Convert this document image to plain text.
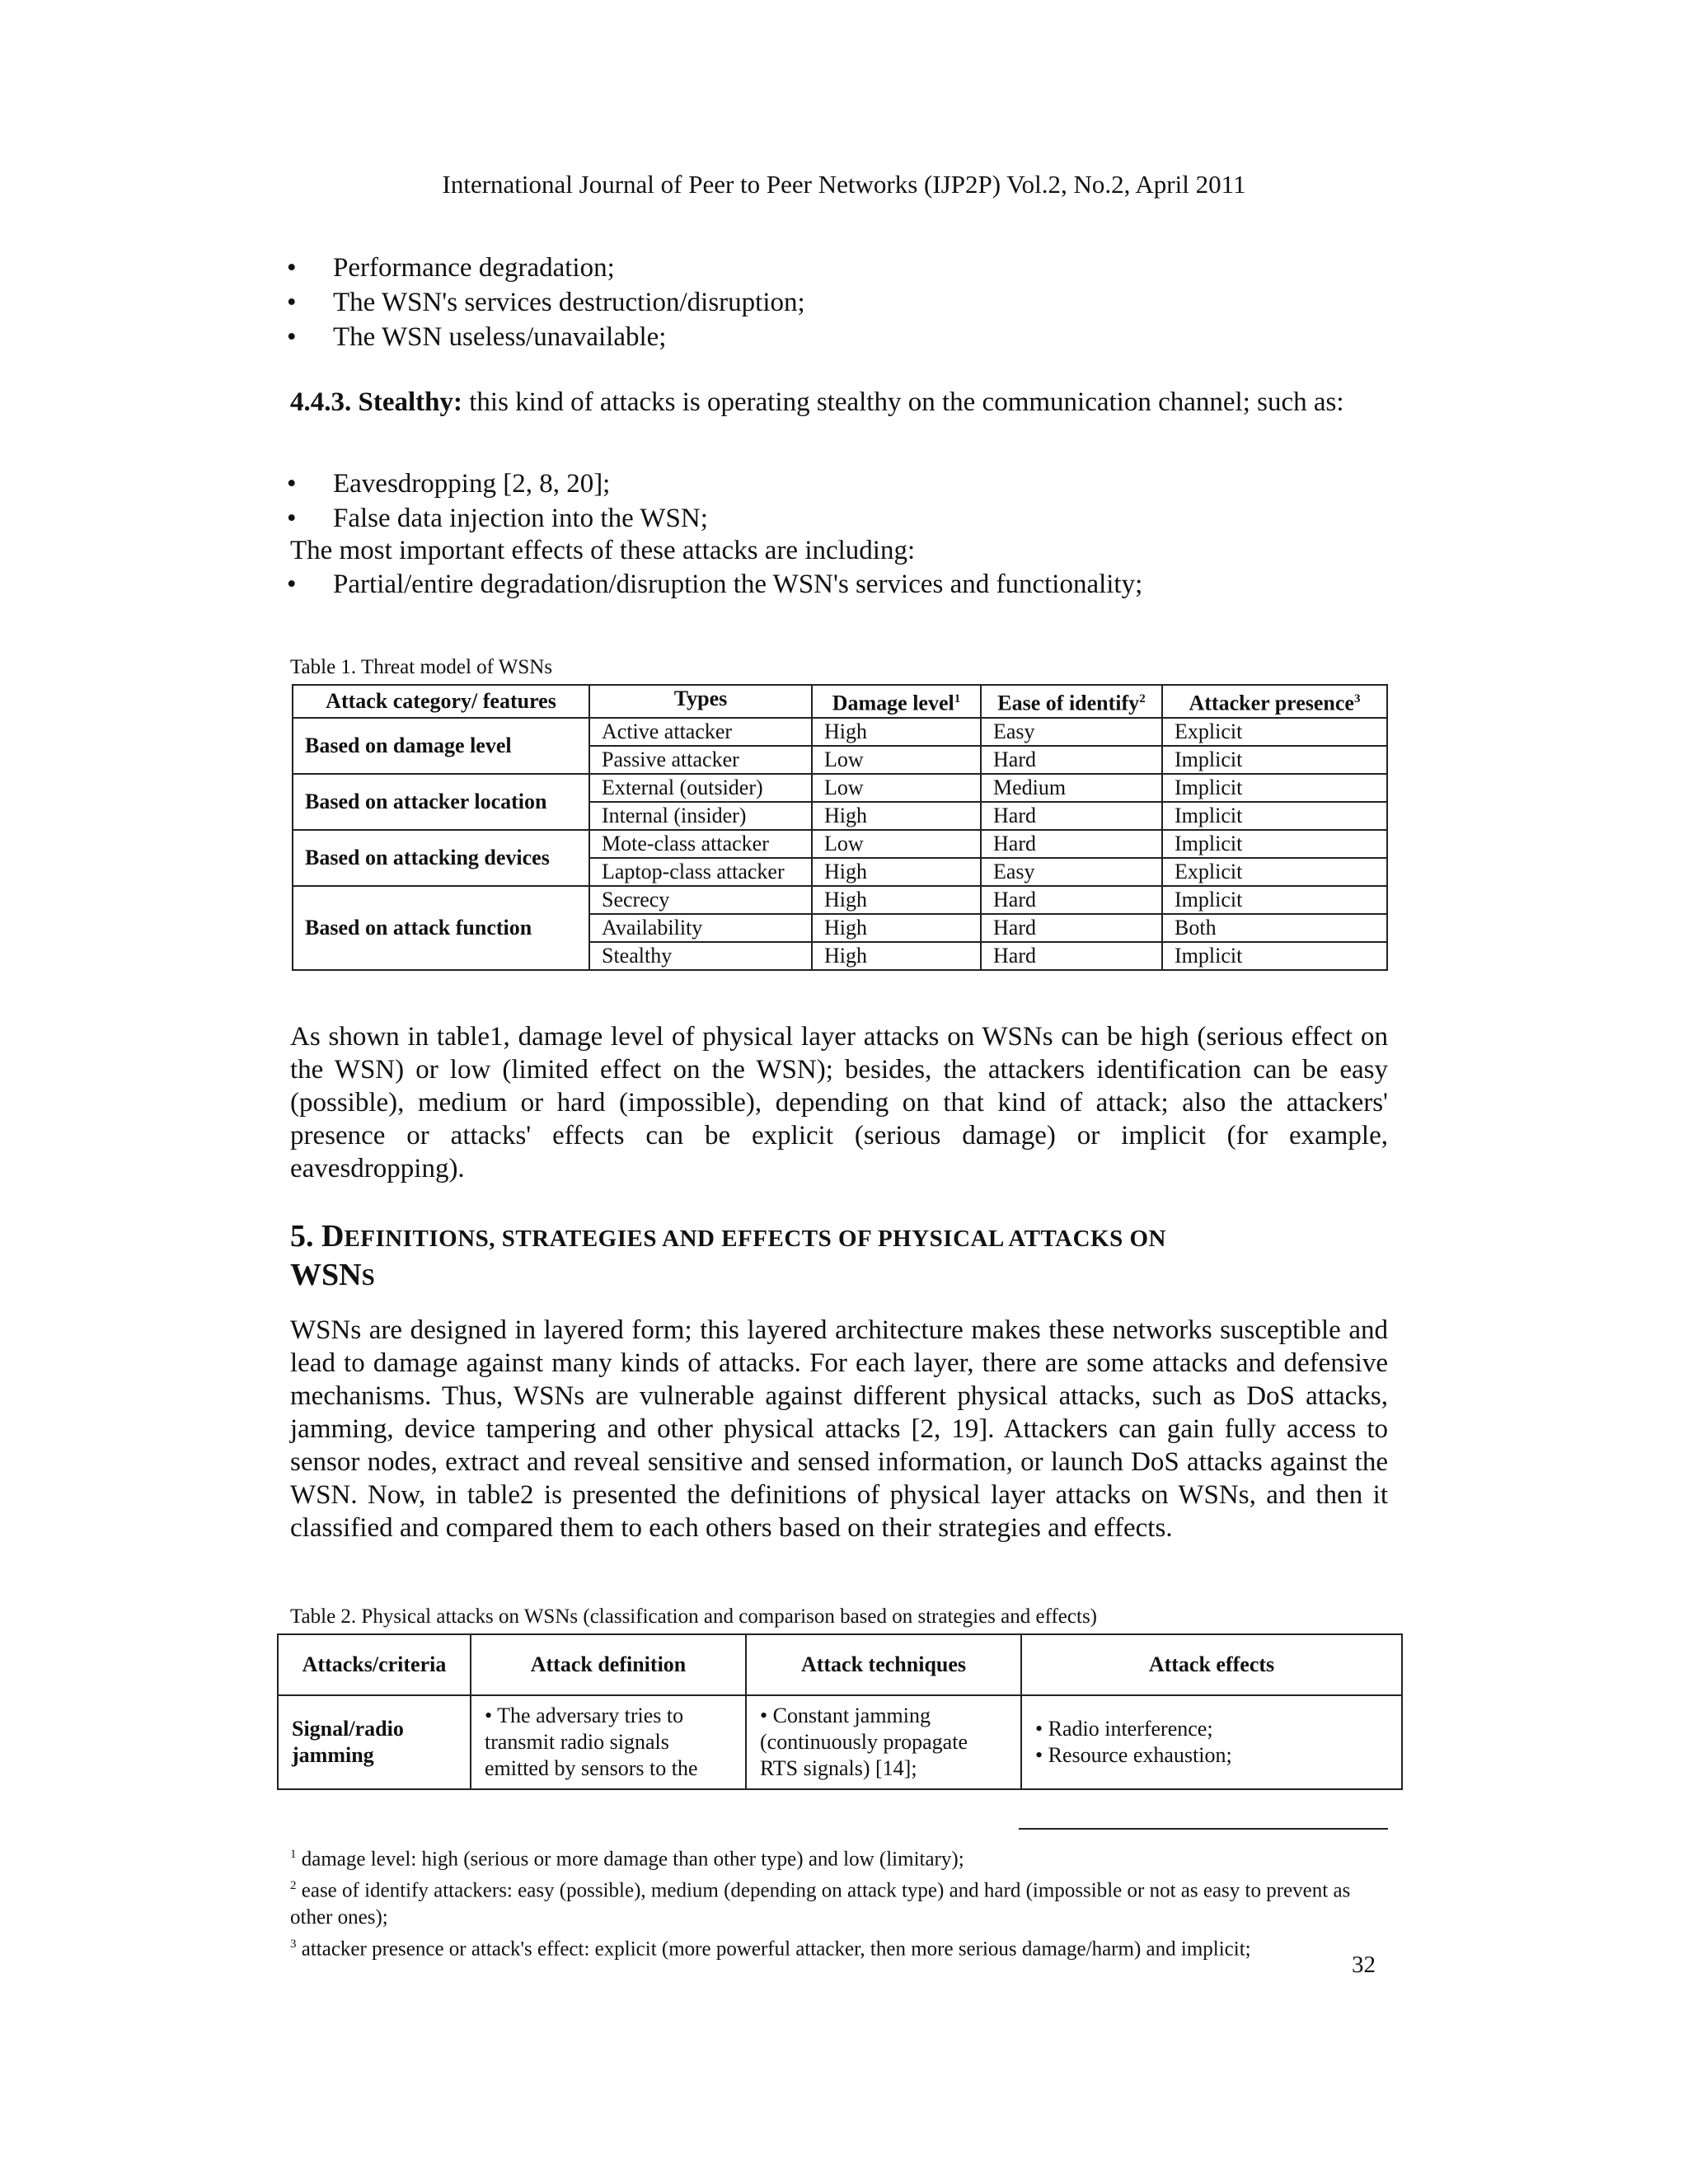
International Journal of Peer to Peer Networks (IJP2P) Vol.2, No.2, April 2011
• Performance degradation;
• The WSN's services destruction/disruption;
• The WSN useless/unavailable;
4.4.3. Stealthy: this kind of attacks is operating stealthy on the communication channel; such as:
• Eavesdropping [2, 8, 20];
• False data injection into the WSN;
The most important effects of these attacks are including:
• Partial/entire degradation/disruption the WSN's services and functionality;
Table 1. Threat model of WSNs
Attack category/ features	Types	Damage level$^1$	Ease of identify$^2$	Attacker presence$^3$
Based on damage level	Active attacker	High	Easy	Explicit
	Passive attacker	Low	Hard	Implicit
Based on attacker location	External (outsider)	Low	Medium	Implicit
	Internal (insider)	High	Hard	Implicit
Based on attacking devices	Mote-class attacker	Low	Hard	Implicit
	Laptop-class attacker	High	Easy	Explicit
Based on attack function	Secrecy	High	Hard	Implicit
	Availability	High	Hard	Both
	Stealthy	High	Hard	Implicit
As shown in table1, damage level of physical layer attacks on WSNs can be high (serious effect on the WSN) or low (limited effect on the WSN); besides, the attackers identification can be easy (possible), medium or hard (impossible), depending on that kind of attack; also the attackers' presence or attacks' effects can be explicit (serious damage) or implicit (for example, eavesdropping).
5. DEFINITIONS, STRATEGIES AND EFFECTS OF PHYSICAL ATTACKS ON
WSNS
WSNs are designed in layered form; this layered architecture makes these networks susceptible and lead to damage against many kinds of attacks. For each layer, there are some attacks and defensive mechanisms. Thus, WSNs are vulnerable against different physical attacks, such as DoS attacks, jamming, device tampering and other physical attacks [2, 19]. Attackers can gain fully access to sensor nodes, extract and reveal sensitive and sensed information, or launch DoS attacks against the WSN. Now, in table2 is presented the definitions of physical layer attacks on WSNs, and then it classified and compared them to each others based on their strategies and effects.
Table 2. Physical attacks on WSNs (classification and comparison based on strategies and effects)
Attacks/criteria	Attack definition	Attack techniques	Attack effects
Signal/radio jamming	• The adversary tries to transmit radio signals emitted by sensors to the	• Constant jamming (continuously propagate RTS signals) [14];	• Radio interference;
• Resource exhaustion;
$^1$ damage level: high (serious or more damage than other type) and low (limitary);
$^2$ ease of identify attackers: easy (possible), medium (depending on attack type) and hard (impossible or not as easy to prevent as other ones);
$^3$ attacker presence or attack's effect: explicit (more powerful attacker, then more serious damage/harm) and implicit;
32
